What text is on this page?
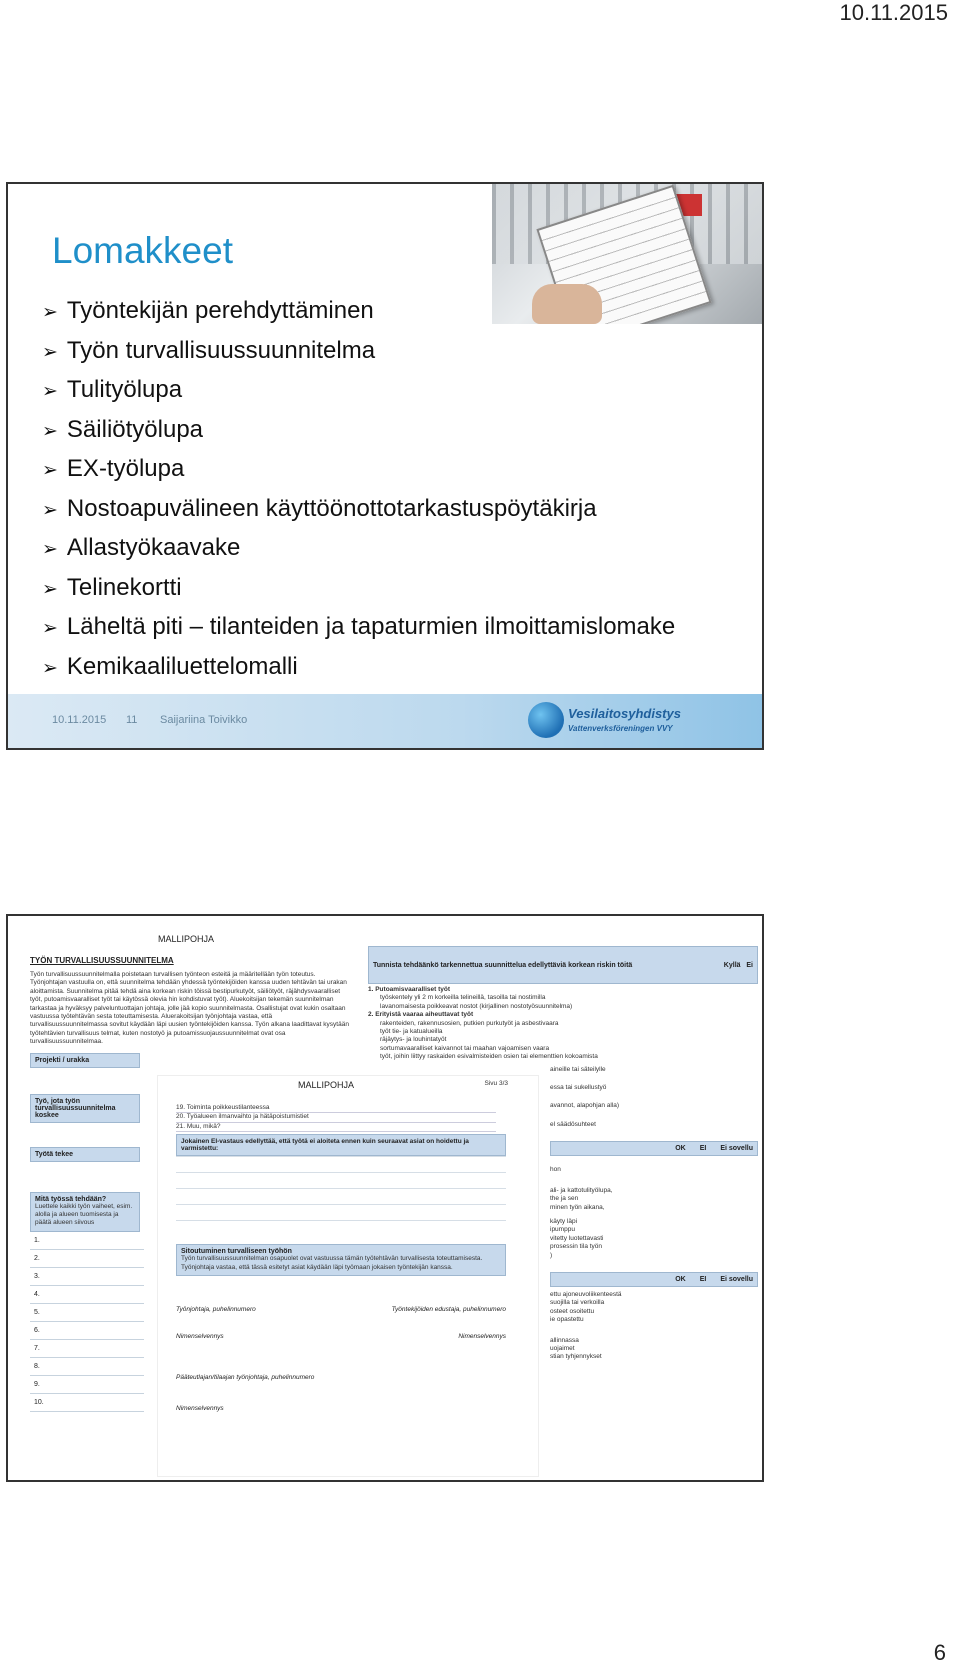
10.11.2015
Lomakkeet
➢ Työntekijän perehdyttäminen
➢ Työn turvallisuussuunnitelma
➢ Tulityölupa
➢ Säiliötyölupa
➢ EX-työlupa
➢ Nostoapuvälineen käyttöönottotarkastuspöytäkirja
➢ Allastyökaavake
➢ Telinekortti
➢ Läheltä piti – tilanteiden ja tapaturmien ilmoittamislomake
➢ Kemikaaliluettelomalli
10.11.2015 11 Saijariina Toivikko	Vesilaitosyhdistys
Vattenverksföreningen VVY
MALLIPOHJA
TYÖN TURVALLISUUSSUUNNITELMA
Työn turvallisuussuunnitelmalla poistetaan turvallisen työnteon esteitä ja määritellään työn toteutus. Työnjohtajan vastuulla on, että suunnitelma tehdään yhdessä työntekijöiden kanssa uuden tehtävän tai urakan aloittamista. Suunnitelma pitää tehdä aina korkean riskin töissä bestipurkutyöt, säiliötyöt, räjähdysvaaralliset työt, putoamisvaaralliset työt tai käytössä olevia hin kohdistuvat työt). Aluekoitsijan tekemän suunnitelman tarkastaa ja hyväksyy palveluntuottajan johtaja, jolle jää kopio suunnitelmasta. Osallistujat ovat kukin osaltaan vastuussa työtehtävän sesta toteuttamisesta. Aluerakoitsijan työnjohtaja vastaa, että turvallisuussuunnitelmassa sovitut käydään läpi uusien työntekijöiden kanssa. Työn alkana laadittavat kysytään työtehtävien turvallisuus telmat, kuten nostotyö ja putoamissuojaussuunnitelmat ovat osa turvallisuussuunnitelmaa.
Projekti / urakka
Työ, jota työn turvallisuussuunnitelma koskee
Työtä tekee
Mitä työssä tehdään?
Luettele kaikki työn vaiheet, esim. alolla ja alueen tuomisesta ja päätä alueen siivous
1.
2.
3.
4.
5.
6.
7.
8.
9.
10.
Tunnista tehdäänkö tarkennettua suunnittelua edellyttäviä korkean riskin töitä	Kyllä Ei
1. Putoamisvaaralliset työt
työskentely yli 2 m korkeilla telineillä, tasoilla tai nostimilla
lavanomaisesta poikkeavat nostot (kirjallinen nostotyösuunnitelma)
2. Erityistä vaaraa aiheuttavat työt
rakenteiden, rakennusosien, putkien purkutyöt ja asbestivaara
työt tie- ja katualueilla
räjäytys- ja louhintatyöt
sortumavaaralliset kaivannot tai maahan vajoamisen vaara
työt, joihin liittyy raskaiden esivalmisteiden osien tai elementtien kokoamista
aineille tai säteilylle
essa tai sukellustyö
avannot, alapohjan alla)
el säädösuhteet
OK EI Ei sovellu
hon
ali- ja kattotulityölupa,
the ja sen
minen työn aikana,
käyty läpi
ipumppu
vitetty luotettavasti
prosessin tila työn
)
OK EI Ei sovellu
ettu ajoneuvoliikenteestä
suojilla tai verkoilla
osteet osoitettu
ie opastettu
allinnassa
uojaimet
stian tyhjennykset
MALLIPOHJA	Sivu 3/3
19. Toiminta poikkeustilanteessa
20. Työalueen ilmanvaihto ja hätäpoistumistiet
21. Muu, mikä?
Jokainen EI-vastaus edellyttää, että työtä ei aloiteta ennen kuin seuraavat asiat on hoidettu ja varmistettu:
Sitoutuminen turvalliseen työhön
Työn turvallisuussuunnitelman osapuolet ovat vastuussa tämän työtehtävän turvallisesta toteuttamisesta. Työnjohtaja vastaa, että tässä esitetyt asiat käydään läpi työmaan jokaisen työntekijän kanssa.
Työnjohtaja, puhelinnumero	Työntekijöiden edustaja, puhelinnumero
Nimenselvennys	Nimenselvennys
Pääteutlajan/tilaajan työnjohtaja, puhelinnumero
Nimenselvennys
6
